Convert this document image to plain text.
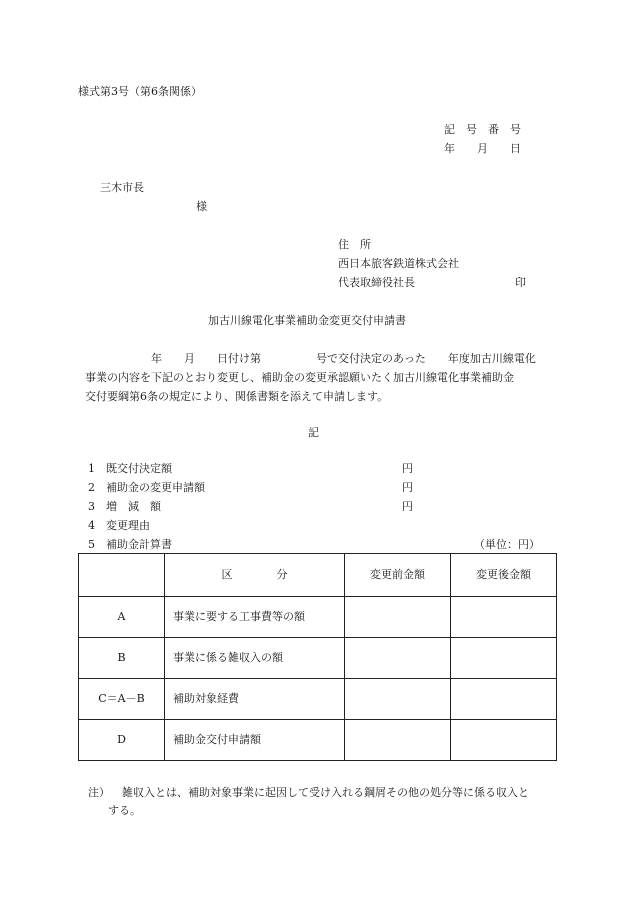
様式第3号（第6条関係）
記　号　番　号
年　　月　　日
三木市長
様
住　所
西日本旅客鉄道株式会社
代表取締役社長	印
加古川線電化事業補助金変更交付申請書
　　　　　　年　　月　　日付け第　　　　　号で交付決定のあった　　年度加古川線電化
事業の内容を下記のとおり変更し、補助金の変更承認願いたく加古川線電化事業補助金
交付要綱第6条の規定により、関係書類を添えて申請します。
記
1 既交付決定額	円
2 補助金の変更申請額	円
3 増　減　額	円
4 変更理由
5 補助金計算書	（単位：円）
	区　　　　分	変更前金額	変更後金額
A	事業に要する工事費等の額		
B	事業に係る雑収入の額		
C＝A－B	補助対象経費		
D	補助金交付申請額		
注） 雑収入とは、補助対象事業に起因して受け入れる鋼屑その他の処分等に係る収入と
する。
